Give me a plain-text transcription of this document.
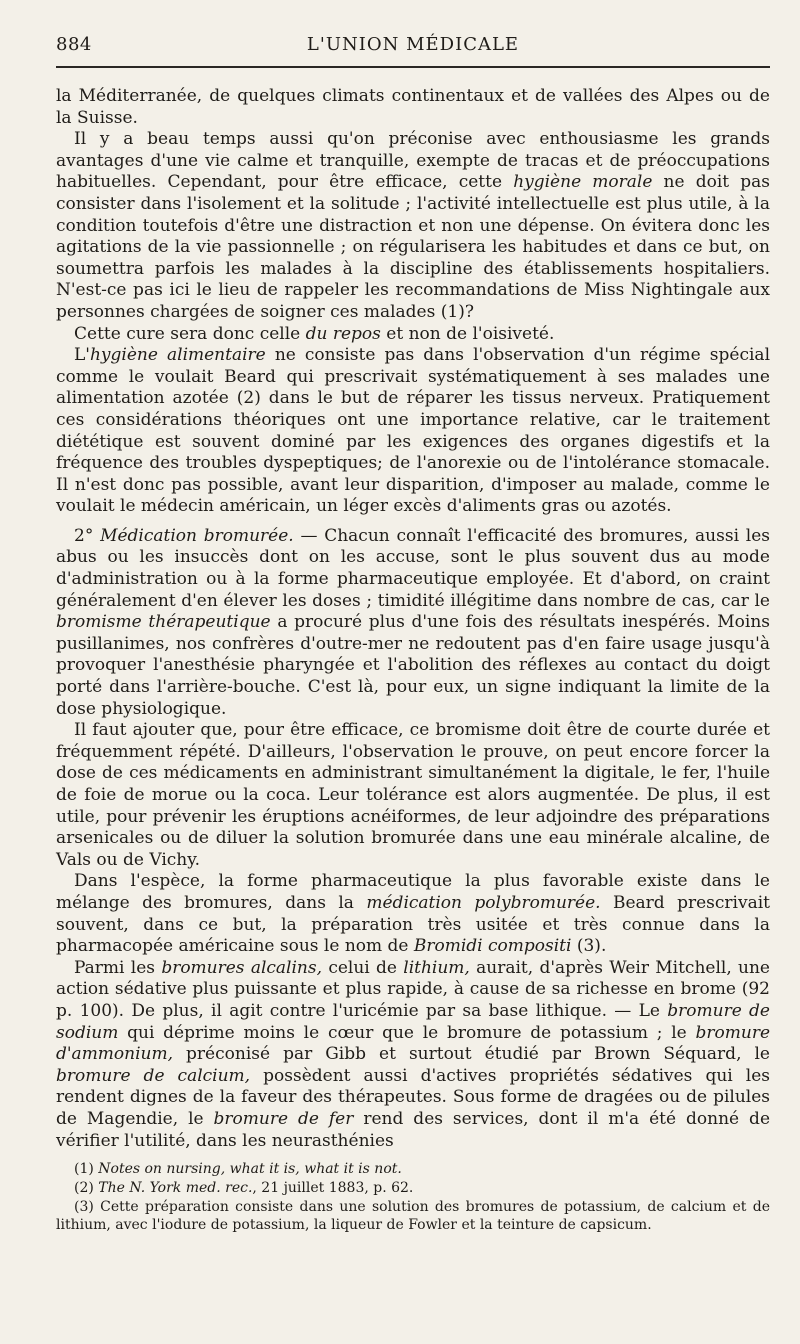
884	L'UNION MÉDICALE

la Méditerranée, de quelques climats continentaux et de vallées des Alpes ou de la Suisse.

Il y a beau temps aussi qu'on préconise avec enthousiasme les grands avantages d'une vie calme et tranquille, exempte de tracas et de préoccupations habituelles. Cependant, pour être efficace, cette hygiène morale ne doit pas consister dans l'isolement et la solitude ; l'activité intellectuelle est plus utile, à la condition toutefois d'être une distraction et non une dépense. On évitera donc les agitations de la vie passionnelle ; on régularisera les habitudes et dans ce but, on soumettra parfois les malades à la discipline des établissements hospitaliers. N'est-ce pas ici le lieu de rappeler les recommandations de Miss Nightingale aux personnes chargées de soigner ces malades (1)?

Cette cure sera donc celle du repos et non de l'oisiveté.

L'hygiène alimentaire ne consiste pas dans l'observation d'un régime spécial comme le voulait Beard qui prescrivait systématiquement à ses malades une alimentation azotée (2) dans le but de réparer les tissus nerveux. Pratiquement ces considérations théoriques ont une importance relative, car le traitement diététique est souvent dominé par les exigences des organes digestifs et la fréquence des troubles dyspeptiques; de l'anorexie ou de l'intolérance stomacale. Il n'est donc pas possible, avant leur disparition, d'imposer au malade, comme le voulait le médecin américain, un léger excès d'aliments gras ou azotés.

2° Médication bromurée. — Chacun connaît l'efficacité des bromures, aussi les abus ou les insuccès dont on les accuse, sont le plus souvent dus au mode d'administration ou à la forme pharmaceutique employée. Et d'abord, on craint généralement d'en élever les doses ; timidité illégitime dans nombre de cas, car le bromisme thérapeutique a procuré plus d'une fois des résultats inespérés. Moins pusillanimes, nos confrères d'outre-mer ne redoutent pas d'en faire usage jusqu'à provoquer l'anesthésie pharyngée et l'abolition des réflexes au contact du doigt porté dans l'arrière-bouche. C'est là, pour eux, un signe indiquant la limite de la dose physiologique.

Il faut ajouter que, pour être efficace, ce bromisme doit être de courte durée et fréquemment répété. D'ailleurs, l'observation le prouve, on peut encore forcer la dose de ces médicaments en administrant simultanément la digitale, le fer, l'huile de foie de morue ou la coca. Leur tolérance est alors augmentée. De plus, il est utile, pour prévenir les éruptions acnéiformes, de leur adjoindre des préparations arsenicales ou de diluer la solution bromurée dans une eau minérale alcaline, de Vals ou de Vichy.

Dans l'espèce, la forme pharmaceutique la plus favorable existe dans le mélange des bromures, dans la médication polybromurée. Beard prescrivait souvent, dans ce but, la préparation très usitée et très connue dans la pharmacopée américaine sous le nom de Bromidi compositi (3).

Parmi les bromures alcalins, celui de lithium, aurait, d'après Weir Mitchell, une action sédative plus puissante et plus rapide, à cause de sa richesse en brome (92 p. 100). De plus, il agit contre l'uricémie par sa base lithique. — Le bromure de sodium qui déprime moins le cœur que le bromure de potassium ; le bromure d'ammonium, préconisé par Gibb et surtout étudié par Brown Séquard, le bromure de calcium, possèdent aussi d'actives propriétés sédatives qui les rendent dignes de la faveur des thérapeutes. Sous forme de dragées ou de pilules de Magendie, le bromure de fer rend des services, dont il m'a été donné de vérifier l'utilité, dans les neurasthénies

(1) Notes on nursing, what it is, what it is not.

(2) The N. York med. rec., 21 juillet 1883, p. 62.

(3) Cette préparation consiste dans une solution des bromures de potassium, de calcium et de lithium, avec l'iodure de potassium, la liqueur de Fowler et la teinture de capsicum.
